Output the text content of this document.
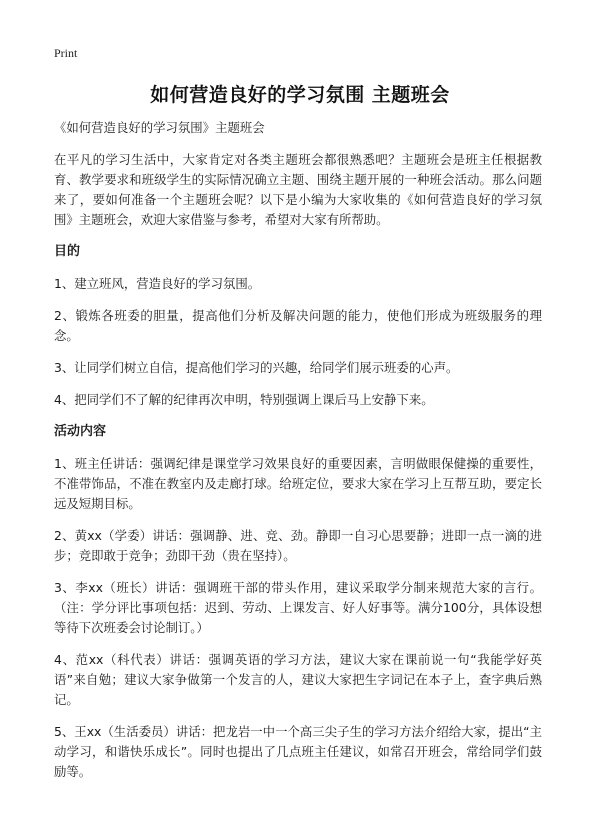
Print
如何营造良好的学习氛围 主题班会

《如何营造良好的学习氛围》主题班会

在平凡的学习生活中，大家肯定对各类主题班会都很熟悉吧？主题班会是班主任根据教育、教学要求和班级学生的实际情况确立主题、围绕主题开展的一种班会活动。那么问题来了，要如何准备一个主题班会呢？以下是小编为大家收集的《如何营造良好的学习氛围》主题班会，欢迎大家借鉴与参考，希望对大家有所帮助。

目的

1、建立班风，营造良好的学习氛围。

2、锻炼各班委的胆量，提高他们分析及解决问题的能力，使他们形成为班级服务的理念。

3、让同学们树立自信，提高他们学习的兴趣，给同学们展示班委的心声。

4、把同学们不了解的纪律再次申明，特别强调上课后马上安静下来。

活动内容

1、班主任讲话：强调纪律是课堂学习效果良好的重要因素，言明做眼保健操的重要性，不准带饰品，不准在教室内及走廊打球。给班定位，要求大家在学习上互帮互助，要定长远及短期目标。

2、黄xx（学委）讲话：强调静、进、竞、劲。静即一自习心思要静；进即一点一滴的进步；竞即敢于竞争；劲即干劲（贵在坚持）。

3、李xx（班长）讲话：强调班干部的带头作用，建议采取学分制来规范大家的言行。（注：学分评比事项包括：迟到、劳动、上课发言、好人好事等。满分100分，具体设想等待下次班委会讨论制订。）

4、范xx（科代表）讲话：强调英语的学习方法，建议大家在课前说一句“我能学好英语”来自勉；建议大家争做第一个发言的人，建议大家把生字词记在本子上，查字典后熟记。

5、王xx（生活委员）讲话：把龙岩一中一个高三尖子生的学习方法介绍给大家，提出“主动学习，和谐快乐成长”。同时也提出了几点班主任建议，如常召开班会，常给同学们鼓励等。
